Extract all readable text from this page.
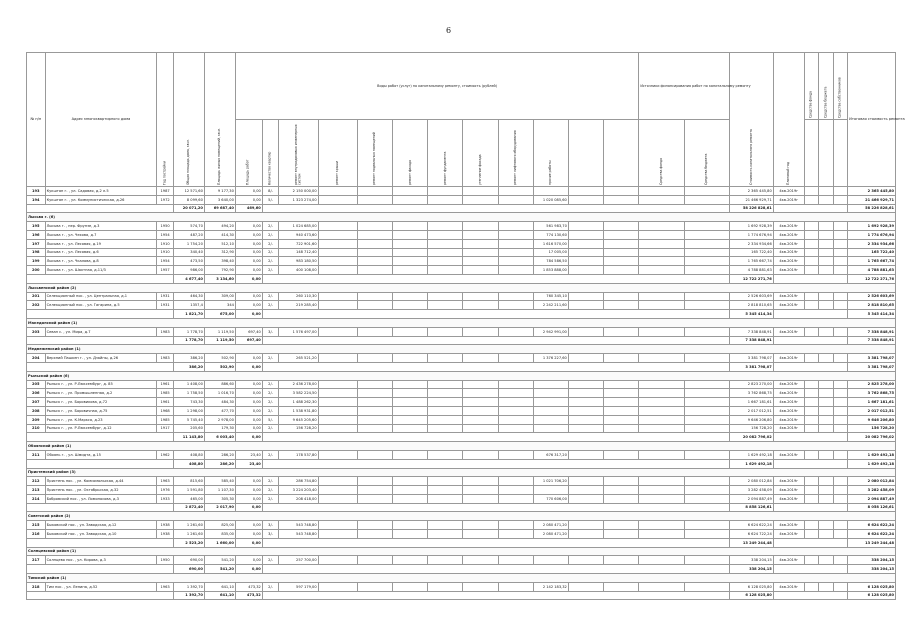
6
№ п/п	Адрес многоквартирного дома	Год постройки	Общая площадь дома, кв.м.	Площадь жилых помещений, кв.м.	Виды работ (услуг) по капитальному ремонту, стоимость (рублей)												Источники финансирования работ по капитальному ремонту		Стоимость капитального ремонта	Плановый год	Средства фонда	Средства бюджета	Средства собственников	Итоговая стоимость ремонта
					Площадь работ	Количество квартир	ремонт внутридомовых инженерных систем	ремонт крыши	ремонт подвальных помещений	ремонт фасада	ремонт фундамента	утепление фасада	ремонт лифтового оборудования	прочие работы			Средства фонда	Средства бюджета						
193	Кукштан г. , ул. Садовая, д.2 л.5	1987	12 571,60	9 177,30	0,00	8/-	2 150 000,00												2 365 445,80	4кв.2019г				2 365 445,80
194	Кукштан г. , ул. Коммунистическая, д.26	1972	8 099,60	3 640,00	0,00	5/-	1 323 274,00							1 020 085,60					21 466 929,71	4кв.2019г				21 466 929,71
			20 071,20	69 687,40	469,60														58 226 828,61					58 226 828,61
Лысьва г. (6)																								
195	Лысьва г. , пер. Фрунзе, д.3	1950	574,70	494,20	0,00	2/-	1 024 685,00							561 983,70					1 692 928,39	4кв.2019г				1 692 928,39
196	Лысьва г. , ул. Чехова, д.7	1954	487,20	414,30	0,00	2/-	940 473,60							774 130,60					1 774 676,94	4кв.2019г				1 774 676,94
197	Лысьва г. , ул. Лесовая, д.19	1910	1 754,20	512,10	0,00	2/-	722 901,60							1 616 570,00					2 334 934,66	4кв.2019г				2 334 934,66
198	Лысьва г. , ул. Лесовая, д.6	1910	340,40	312,90	0,00	2/-	148 712,40							17 005,00					165 722,40	4кв.2019г				165 722,40
199	Лысьва г. , ул. Чкалова, д.8	1954	473,50	398,40	0,00	2/-	983 180,50							784 586,50					1 765 667,74	4кв.2019г				1 765 667,74
200	Лысьва г. , ул. Шахтная, д.11/3	1957	986,00	792,90	0,00	2/-	400 108,00							1 853 888,00					4 788 881,63	4кв.2019г				4 788 881,63
			4 677,40	3 134,60	0,00														12 722 271,76					12 722 271,76
Лысьвенский район (2)																								
201	Селекционный пос. , ул. Центральная, д.1	1931	464,30	309,00	0,00	2/-	260 110,30							760 345,10					2 526 603,69	4кв.2019г				2 526 603,69
202	Селекционный пос. , ул. Гагарина, д.5	1931	1357,4	344	0,00	2/-	219 285,40							2 242 211,60					2 818 810,65	4кв.2019г				2 818 810,65
			1 821,70	675,00	0,00														5 345 414,34					5 345 414,34
Македонский район (1)																								
203	Севан с. , ул. Мира, д.7	1983	1 778,70	1 119,50	697,40	3/-	1 576 497,00							2 942 991,00					7 338 848,91	4кв.2019г				7 338 848,91
			1 778,70	1 119,50	697,40														7 338 848,91					7 338 848,91
Медвеженский район (1)																								
204	Верхний Пашкен г. , ул. Дзайны, д.26	1983	386,20	502,90	0,00	2/-	265 521,20							1 376 227,60					3 381 798,07	4кв.2019г				3 381 798,07
			386,20	502,90	0,00														3 381 798,07					3 381 798,07
Рыльский район (6)																								
205	Рыльск г. , ул. Р.Люксембург, д. 85	1961	1 408,00	886,60	0,00	2/-	2 436 278,00												2 823 270,00	4кв.2019г				2 825 278,00
206	Рыльск г. , ул. Промышленная, д.2	1985	1 758,50	1 016,70	0,00	2/-	3 582 224,50												3 762 868,75	4кв.2019г				3 762 868,75
207	Рыльск г. , ул. Боровикова, д.72	1961	743,30	484,30	0,00	2/-	1 488 262,30												1 667 181,61	4кв.2019г				1 667 181,61
208	Рыльск г. , ул. Боровичная, д.75	1968	1 298,00	477,70	0,00	2/-	1 538 931,80												2 017 012,51	4кв.2019г				2 017 012,51
209	Рыльск г. , ул. К.Маркса, д.23	1985	5 745,40	2 978,00	0,00	5/-	9 645 205,60												9 646 206,80	4кв.2019г				9 646 206,80
210	Рыльск г. , ул. Р.Люксембург, д.12	1917	205,60	179,30	0,00	2/-	156 728,20												156 728,20	4кв.2019г				156 728,20
			11 143,80	6 003,40	0,00														20 082 796,02					20 082 796,02
Обоянский район (1)																								
211	Обоянь г. , ул. Шмидта, д.15	1962	408,80	286,20	23,40	2/-	178 537,80							676 317,20					1 629 492,18	4кв.2019г				1 629 492,18
			408,80	286,20	23,40														1 629 492,18					1 629 492,18
Пристенский район (3)																								
212	Пристень пос. , ул. Комсомольская, д.44	1963	815,60	585,40	0,00	2/-	286 754,80							1 021 706,20					2 080 012,84	4кв.2019г				2 080 012,84
213	Пристень пос. , ул. Октябрьская, д.32	1976	1 591,80	1 107,30	0,00	2/-	3 224 203,40												3 282 458,09	4кв.2019г				3 282 458,09
214	Бобровский пос. , ул. Ломоносова, д.3	1933	465,00	305,30	0,00	2/-	208 418,00							770 606,00					2 094 887,49	4кв.2019г				2 094 887,49
			2 872,40	2 017,90	0,00														8 858 126,61					8 058 126,61
Советский район (2)																								
215	Быковский пос. , ул. Заводская, д.12	1938	1 261,60	825,00	0,00	3/-	543 748,80							2 080 471,20					6 624 622,24	4кв.2019г				6 624 622,24
216	Быковский пос. , ул. Заводская, д.10	1938	1 261,60	835,00	0,00	3/-	543 748,80							2 080 471,20					6 624 722,24	4кв.2019г				6 624 622,24
			2 523,20	1 660,00	0,00														13 249 244,48					13 249 244,48
Солнцевский район (1)																								
217	Солнцево пос. , ул. Кирова, д.3	1950	690,00	541,20	0,00	2/-	257 700,00												338 204,15	4кв.2019г				338 204,15
			690,00	541,20	0,00														338 204,15					338 204,15
Тимский район (1)																								
218	Тим пос. , ул. Ленина, д.52	1963	1 392,70	641,10	473,32	2/-	597 179,00							2 142 183,32					6 128 025,80	4кв.2019г				6 128 025,80
			1 392,70	641,10	473,32														6 128 025,80					6 128 025,80
